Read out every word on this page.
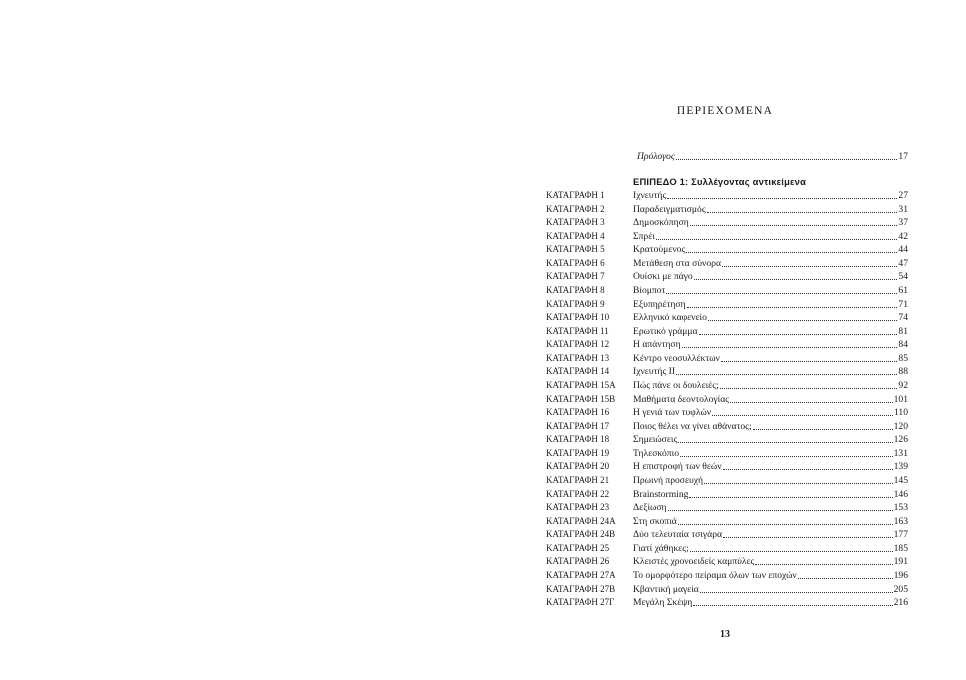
ΠΕΡΙΕΧΟΜΕΝΑ
Πρόλογος	17
ΕΠΙΠΕΔΟ 1: Συλλέγοντας αντικείμενα
ΚΑΤΑΓΡΑΦΗ 1	Ιχνευτής	27
ΚΑΤΑΓΡΑΦΗ 2	Παραδειγματισμός	31
ΚΑΤΑΓΡΑΦΗ 3	Δημοσκόπηση	37
ΚΑΤΑΓΡΑΦΗ 4	Σπρέι	42
ΚΑΤΑΓΡΑΦΗ 5	Κρατούμενος	44
ΚΑΤΑΓΡΑΦΗ 6	Μετάθεση στα σύνορα	47
ΚΑΤΑΓΡΑΦΗ 7	Ουίσκι με πάγο	54
ΚΑΤΑΓΡΑΦΗ 8	Βίομποτ	61
ΚΑΤΑΓΡΑΦΗ 9	Εξυπηρέτηση	71
ΚΑΤΑΓΡΑΦΗ 10	Ελληνικό καφενείο	74
ΚΑΤΑΓΡΑΦΗ 11	Ερωτικό γράμμα	81
ΚΑΤΑΓΡΑΦΗ 12	Η απάντηση	84
ΚΑΤΑΓΡΑΦΗ 13	Κέντρο νεοσυλλέκτων	85
ΚΑΤΑΓΡΑΦΗ 14	Ιχνευτής ΙΙ	88
ΚΑΤΑΓΡΑΦΗ 15Α	Πώς πάνε οι δουλειές;	92
ΚΑΤΑΓΡΑΦΗ 15Β	Μαθήματα δεοντολογίας	101
ΚΑΤΑΓΡΑΦΗ 16	Η γενιά των τυφλών	110
ΚΑΤΑΓΡΑΦΗ 17	Ποιος θέλει να γίνει αθάνατος;	120
ΚΑΤΑΓΡΑΦΗ 18	Σημειώσεις	126
ΚΑΤΑΓΡΑΦΗ 19	Τηλεσκόπιο	131
ΚΑΤΑΓΡΑΦΗ 20	Η επιστροφή των θεών	139
ΚΑΤΑΓΡΑΦΗ 21	Πρωινή προσευχή	145
ΚΑΤΑΓΡΑΦΗ 22	Brainstorming	146
ΚΑΤΑΓΡΑΦΗ 23	Δεξίωση	153
ΚΑΤΑΓΡΑΦΗ 24Α	Στη σκοπιά	163
ΚΑΤΑΓΡΑΦΗ 24Β	Δύο τελευταία τσιγάρα	177
ΚΑΤΑΓΡΑΦΗ 25	Γιατί χάθηκες;	185
ΚΑΤΑΓΡΑΦΗ 26	Κλειστές χρονοειδείς καμπύλες	191
ΚΑΤΑΓΡΑΦΗ 27Α	Το ομορφότερο πείραμα όλων των εποχών	196
ΚΑΤΑΓΡΑΦΗ 27Β	Κβαντική μαγεία	205
ΚΑΤΑΓΡΑΦΗ 27Γ	Μεγάλη Σκέψη	216
13
